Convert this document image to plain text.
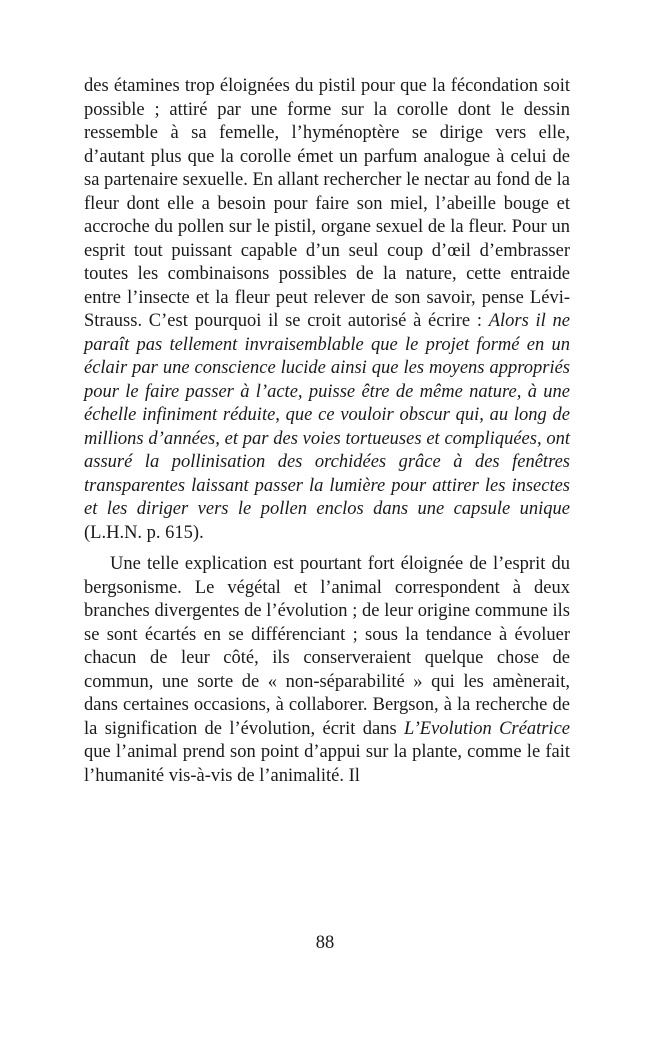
des étamines trop éloignées du pistil pour que la fécondation soit possible ; attiré par une forme sur la corolle dont le dessin ressemble à sa femelle, l’hyménoptère se dirige vers elle, d’autant plus que la corolle émet un parfum analogue à celui de sa partenaire sexuelle. En allant rechercher le nectar au fond de la fleur dont elle a besoin pour faire son miel, l’abeille bouge et accroche du pollen sur le pistil, organe sexuel de la fleur. Pour un esprit tout puissant capable d’un seul coup d’œil d’embrasser toutes les combinaisons possibles de la nature, cette entraide entre l’insecte et la fleur peut relever de son savoir, pense Lévi-Strauss. C’est pourquoi il se croit autorisé à écrire : Alors il ne paraît pas tellement invraisemblable que le projet formé en un éclair par une conscience lucide ainsi que les moyens appropriés pour le faire passer à l’acte, puisse être de même nature, à une échelle infiniment réduite, que ce vouloir obscur qui, au long de millions d’années, et par des voies tortueuses et compliquées, ont assuré la pollinisation des orchidées grâce à des fenêtres transparentes laissant passer la lumière pour attirer les insectes et les diriger vers le pollen enclos dans une capsule unique (L.H.N. p. 615).

Une telle explication est pourtant fort éloignée de l’esprit du bergsonisme. Le végétal et l’animal correspondent à deux branches divergentes de l’évolution ; de leur origine commune ils se sont écartés en se différenciant ; sous la tendance à évoluer chacun de leur côté, ils conserveraient quelque chose de commun, une sorte de « non-séparabilité » qui les amènerait, dans certaines occasions, à collaborer. Bergson, à la recherche de la signification de l’évolution, écrit dans L’Evolution Créatrice que l’animal prend son point d’appui sur la plante, comme le fait l’humanité vis-à-vis de l’animalité. Il

88
